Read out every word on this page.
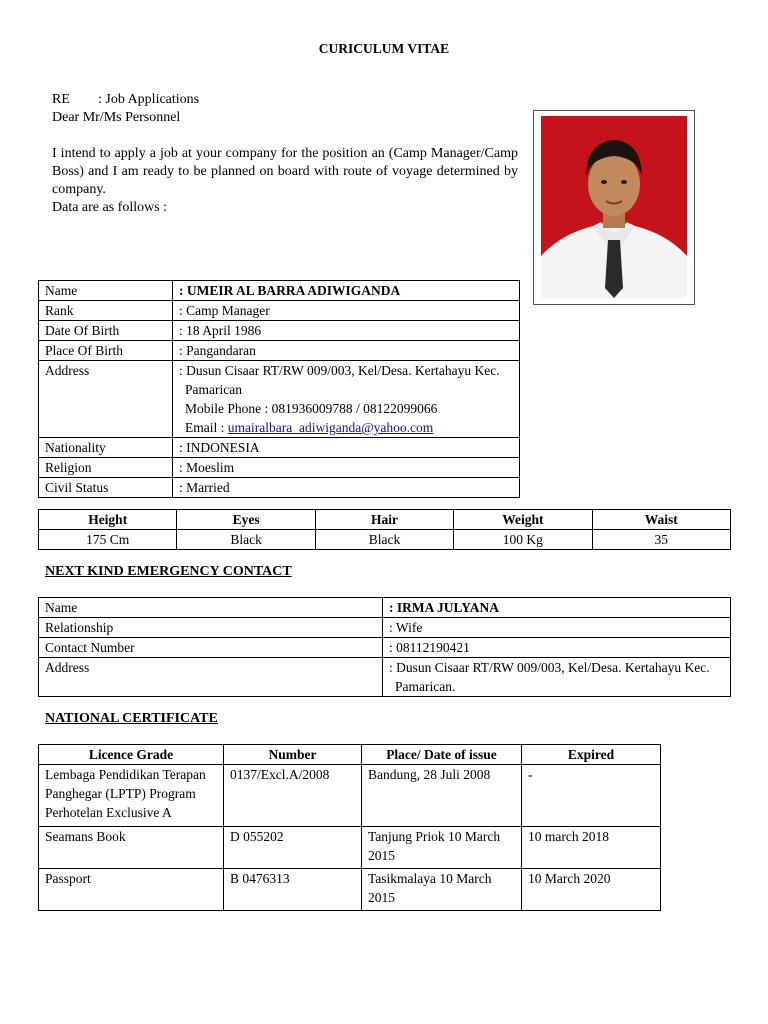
CURICULUM VITAE

RE : Job Applications

Dear Mr/Ms Personnel

I intend to apply a job at your company for the position an (Camp Manager/Camp Boss) and I am ready to be planned on board with route of voyage determined by company.

Data are as follows :

Name	: UMEIR AL BARRA ADIWIGANDA
Rank	: Camp Manager
Date Of Birth	: 18 April 1986
Place Of Birth	: Pangandaran
Address	: Dusun Cisaar RT/RW 009/003, Kel/Desa. Kertahayu Kec.
Pamarican
Mobile Phone : 081936009788 / 08122099066
Email : umairalbara_adiwiganda@yahoo.com

Nationality	: INDONESIA
Religion	: Moeslim
Civil Status	: Married
Height	Eyes	Hair	Weight	Waist
175 Cm	Black	Black	100 Kg	35
NEXT KIND EMERGENCY CONTACT
Name	: IRMA JULYANA
Relationship	: Wife
Contact Number	: 08112190421
Address	: Dusun Cisaar RT/RW 009/003, Kel/Desa. Kertahayu Kec.
Pamarican.
NATIONAL CERTIFICATE
Licence Grade	Number	Place/ Date of issue	Expired
Lembaga Pendidikan Terapan Panghegar (LPTP) Program Perhotelan Exclusive A	0137/Excl.A/2008	Bandung, 28 Juli 2008	-
Seamans Book	D 055202	Tanjung Priok 10 March 2015	10 march 2018
Passport	B 0476313	Tasikmalaya 10 March 2015	10 March 2020
